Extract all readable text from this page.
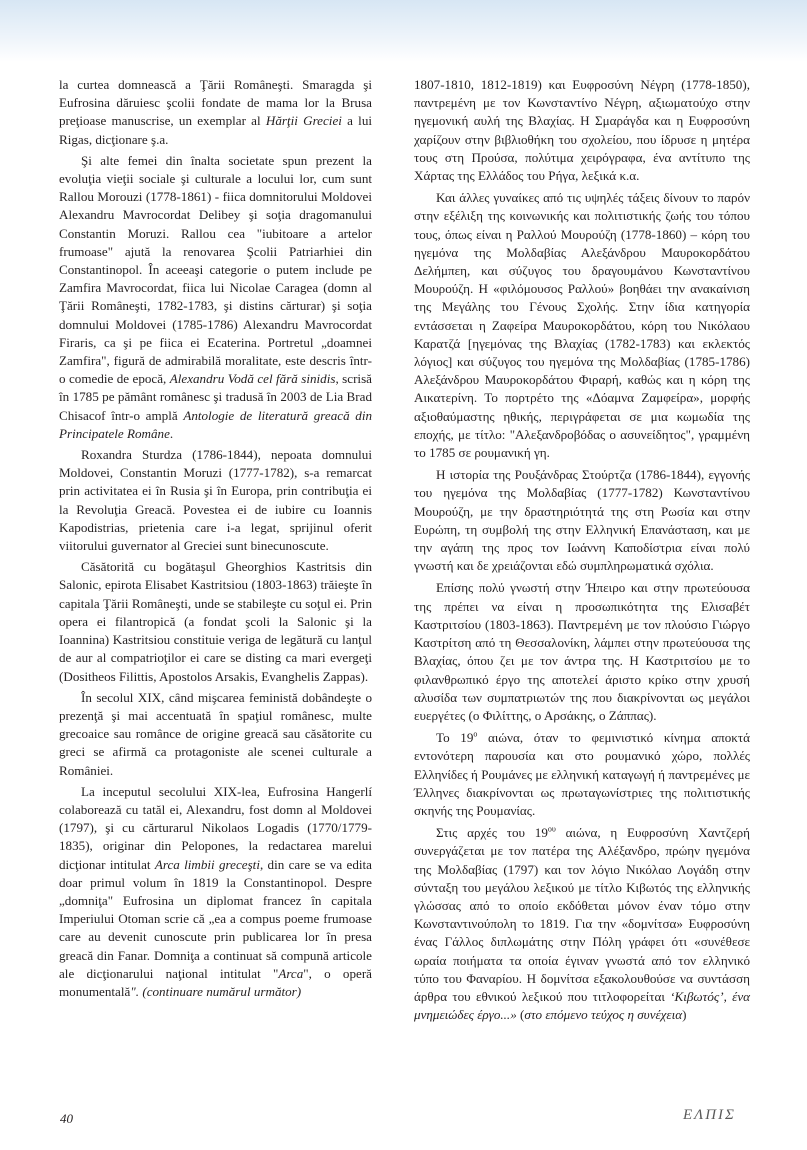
la curtea domnească a Ţării Româneşti. Smaragda şi Eufrosina dăruiesc şcolii fondate de mama lor la Brusa preţioase manuscrise, un exemplar al Hărţii Greciei a lui Rigas, dicţionare ş.a.

Şi alte femei din înalta societate spun prezent la evoluţia vieţii sociale şi culturale a locului lor, cum sunt Rallou Morouzi (1778-1861) - fiica domnitorului Moldovei Alexandru Mavrocordat Delibey şi soţia dragomanului Constantin Moruzi. Rallou cea "iubitoare a artelor frumoase" ajută la renovarea Şcolii Patriarhiei din Constantinopol. În aceeaşi categorie o putem include pe Zamfira Mavrocordat, fiica lui Nicolae Caragea (domn al Ţării Româneşti, 1782-1783, şi distins cărturar) şi soţia domnului Moldovei (1785-1786) Alexandru Mavrocordat Firaris, ca şi pe fiica ei Ecaterina. Portretul „doamnei Zamfira", figură de admirabilă moralitate, este descris într-o comedie de epocă, Alexandru Vodă cel fără sinidis, scrisă în 1785 pe pământ românesc şi tradusă în 2003 de Lia Brad Chisacof într-o amplă Antologie de literatură greacă din Principatele Române.

Roxandra Sturdza (1786-1844), nepoata domnului Moldovei, Constantin Moruzi (1777-1782), s-a remarcat prin activitatea ei în Rusia şi în Europa, prin contribuţia ei la Revoluţia Greacă. Povestea ei de iubire cu Ioannis Kapodistrias, prietenia care i-a legat, sprijinul oferit viitorului guvernator al Greciei sunt binecunoscute.

Căsătorită cu bogătaşul Gheorghios Kastritsis din Salonic, epirota Elisabet Kastritsiou (1803-1863) trăieşte în capitala Ţării Româneşti, unde se stabileşte cu soţul ei. Prin opera ei filantropică (a fondat şcoli la Salonic şi la Ioannina) Kastritsiou constituie veriga de legătură cu lanţul de aur al compatrioţilor ei care se disting ca mari evergeţi (Dositheos Filittis, Apostolos Arsakis, Evanghelis Zappas).

În secolul XIX, când mişcarea feministă dobândeşte o prezenţă şi mai accentuată în spaţiul românesc, multe grecoaice sau românce de origine greacă sau căsătorite cu greci se afirmă ca protagoniste ale scenei culturale a României.

La inceputul secolului XIX-lea, Eufrosina Hangerlí colaborează cu tatăl ei, Alexandru, fost domn al Moldovei (1797), şi cu cărturarul Nikolaos Logadis (1770/1779-1835), originar din Pelopones, la redactarea marelui dicţionar intitulat Arca limbii greceşti, din care se va edita doar primul volum în 1819 la Constantinopol. Despre „domniţa" Eufrosina un diplomat francez în capitala Imperiului Otoman scrie că „ea a compus poeme frumoase care au devenit cunoscute prin publicarea lor în presa greacă din Fanar. Domniţa a continuat să compună articole ale dicţionarului naţional intitulat "Arca", o operă monumentală". (continuare numărul următor)

1807-1810, 1812-1819) και Ευφροσύνη Νέγρη (1778-1850), παντρεμένη με τον Κωνσταντίνο Νέγρη, αξιωματούχο στην ηγεμονική αυλή της Βλαχίας. Η Σμαράγδα και η Ευφροσύνη χαρίζουν στην βιβλιοθήκη του σχολείου, που ίδρυσε η μητέρα τους στη Προύσα, πολύτιμα χειρόγραφα, ένα αντίτυπο της Χάρτας της Ελλάδος του Ρήγα, λεξικά κ.α.

Και άλλες γυναίκες από τις υψηλές τάξεις δίνουν το παρόν στην εξέλιξη της κοινωνικής και πολιτιστικής ζωής του τόπου τους, όπως είναι η Ραλλού Μουρούζη (1778-1860) – κόρη του ηγεμόνα της Μολδαβίας Αλεξάνδρου Μαυροκορδάτου Δελήμπεη, και σύζυγος του δραγουμάνου Κωνσταντίνου Μουρούζη. Η «φιλόμουσος Ραλλού» βοηθάει την ανακαίνιση της Μεγάλης του Γένους Σχολής. Στην ίδια κατηγορία εντάσσεται η Ζαφείρα Μαυροκορδάτου, κόρη του Νικόλαου Καρατζά [ηγεμόνας της Βλαχίας (1782-1783) και εκλεκτός λόγιος] και σύζυγος του ηγεμόνα της Μολδαβίας (1785-1786) Αλεξάνδρου Μαυροκορδάτου Φιραρή, καθώς και η κόρη της Αικατερίνη. Το πορτρέτο της «Δόαμνα Ζαμφείρα», μορφής αξιοθαύμαστης ηθικής, περιγράφεται σε μια κωμωδία της εποχής, με τίτλο: "Αλεξανδροβόδας ο ασυνείδητος", γραμμένη το 1785 σε ρουμανική γη.

Η ιστορία της Ρουξάνδρας Στούρτζα (1786-1844), εγγονής του ηγεμόνα της Μολδαβίας (1777-1782) Κωνσταντίνου Μουρούζη, με την δραστηριότητά της στη Ρωσία και στην Ευρώπη, τη συμβολή της στην Ελληνική Επανάσταση, και με την αγάπη της προς τον Ιωάννη Καποδίστρια είναι πολύ γνωστή και δε χρειάζονται εδώ συμπληρωματικά σχόλια.

Επίσης πολύ γνωστή στην Ήπειρο και στην πρωτεύουσα της πρέπει να είναι η προσωπικότητα της Ελισαβέτ Καστριτσίου (1803-1863). Παντρεμένη με τον πλούσιο Γιώργο Καστρίτση από τη Θεσσαλονίκη, λάμπει στην πρωτεύουσα της Βλαχίας, όπου ζει με τον άντρα της. Η Καστριτσίου με το φιλανθρωπικό έργο της αποτελεί άριστο κρίκο στην χρυσή αλυσίδα των συμπατριωτών της που διακρίνονται ως μεγάλοι ευεργέτες (ο Φιλίττης, ο Αρσάκης, ο Ζάππας).

Το $19^o$ αιώνα, όταν το φεμινιστικό κίνημα αποκτά εντονότερη παρουσία και στο ρουμανικό χώρο, πολλές Ελληνίδες ή Ρουμάνες με ελληνική καταγωγή ή παντρεμένες με Έλληνες διακρίνονται ως πρωταγωνίστριες της πολιτιστικής σκηνής της Ρουμανίας.

Στις αρχές του $19^{o\upsilon}$ αιώνα, η Ευφροσύνη Χαντζερή συνεργάζεται με τον πατέρα της Αλέξανδρο, πρώην ηγεμόνα της Μολδαβίας (1797) και τον λόγιο Νικόλαο Λογάδη στην σύνταξη του μεγάλου λεξικού με τίτλο Κιβωτός της ελληνικής γλώσσας από το οποίο εκδόθεται μόνον έναν τόμο στην Κωνσταντινούπολη το 1819. Για την «δομνίτσα» Ευφροσύνη ένας Γάλλος διπλωμάτης στην Πόλη γράφει ότι «συνέθεσε ωραία ποιήματα τα οποία έγιναν γνωστά από τον ελληνικό τύπο του Φαναρίου. Η δομνίτσα εξακολουθούσε να συντάσση άρθρα του εθνικού λεξικού που τιτλοφορείται ‘Κιβωτός’, ένα μνημειώδες έργο...» (στο επόμενο τεύχος η συνέχεια)

40	ΕΛΠΙΣ
